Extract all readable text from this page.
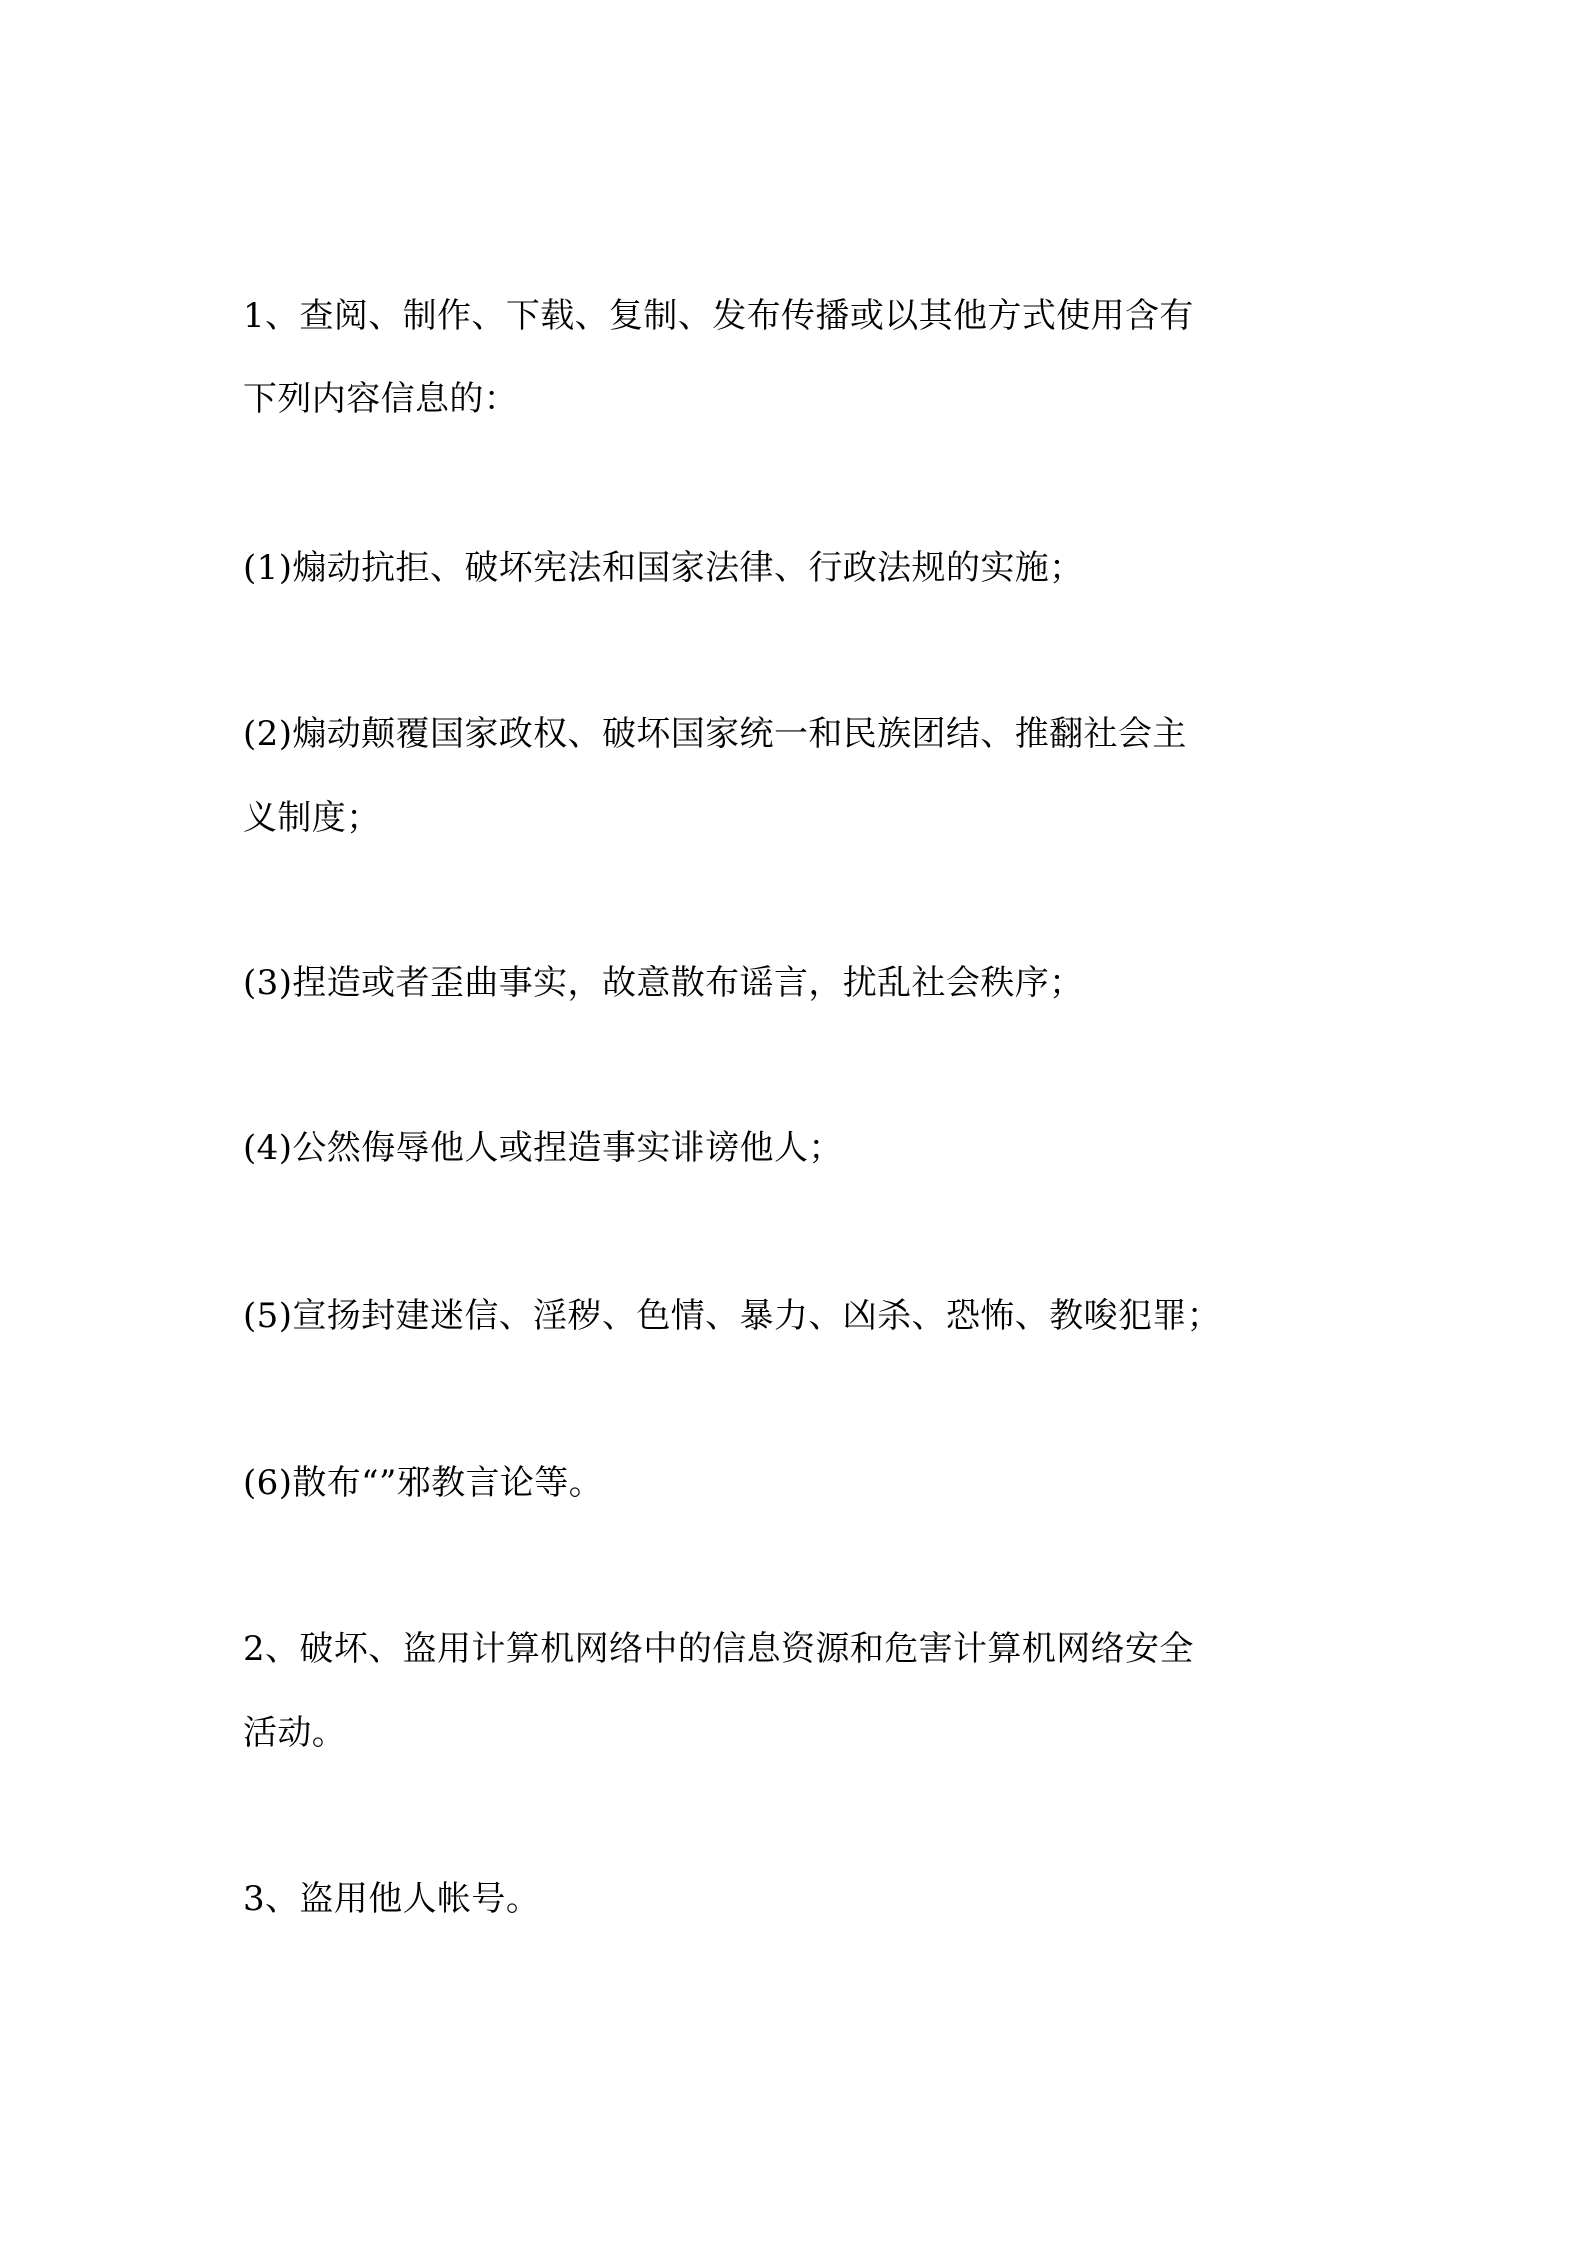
1、查阅、制作、下载、复制、发布传播或以其他方式使用含有
下列内容信息的：
(1)煽动抗拒、破坏宪法和国家法律、行政法规的实施；
(2)煽动颠覆国家政权、破坏国家统一和民族团结、推翻社会主
义制度；
(3)捏造或者歪曲事实，故意散布谣言，扰乱社会秩序；
(4)公然侮辱他人或捏造事实诽谤他人；
(5)宣扬封建迷信、淫秽、色情、暴力、凶杀、恐怖、教唆犯罪；
(6)散布“”邪教言论等。
2、破坏、盗用计算机网络中的信息资源和危害计算机网络安全
活动。
3、盗用他人帐号。
